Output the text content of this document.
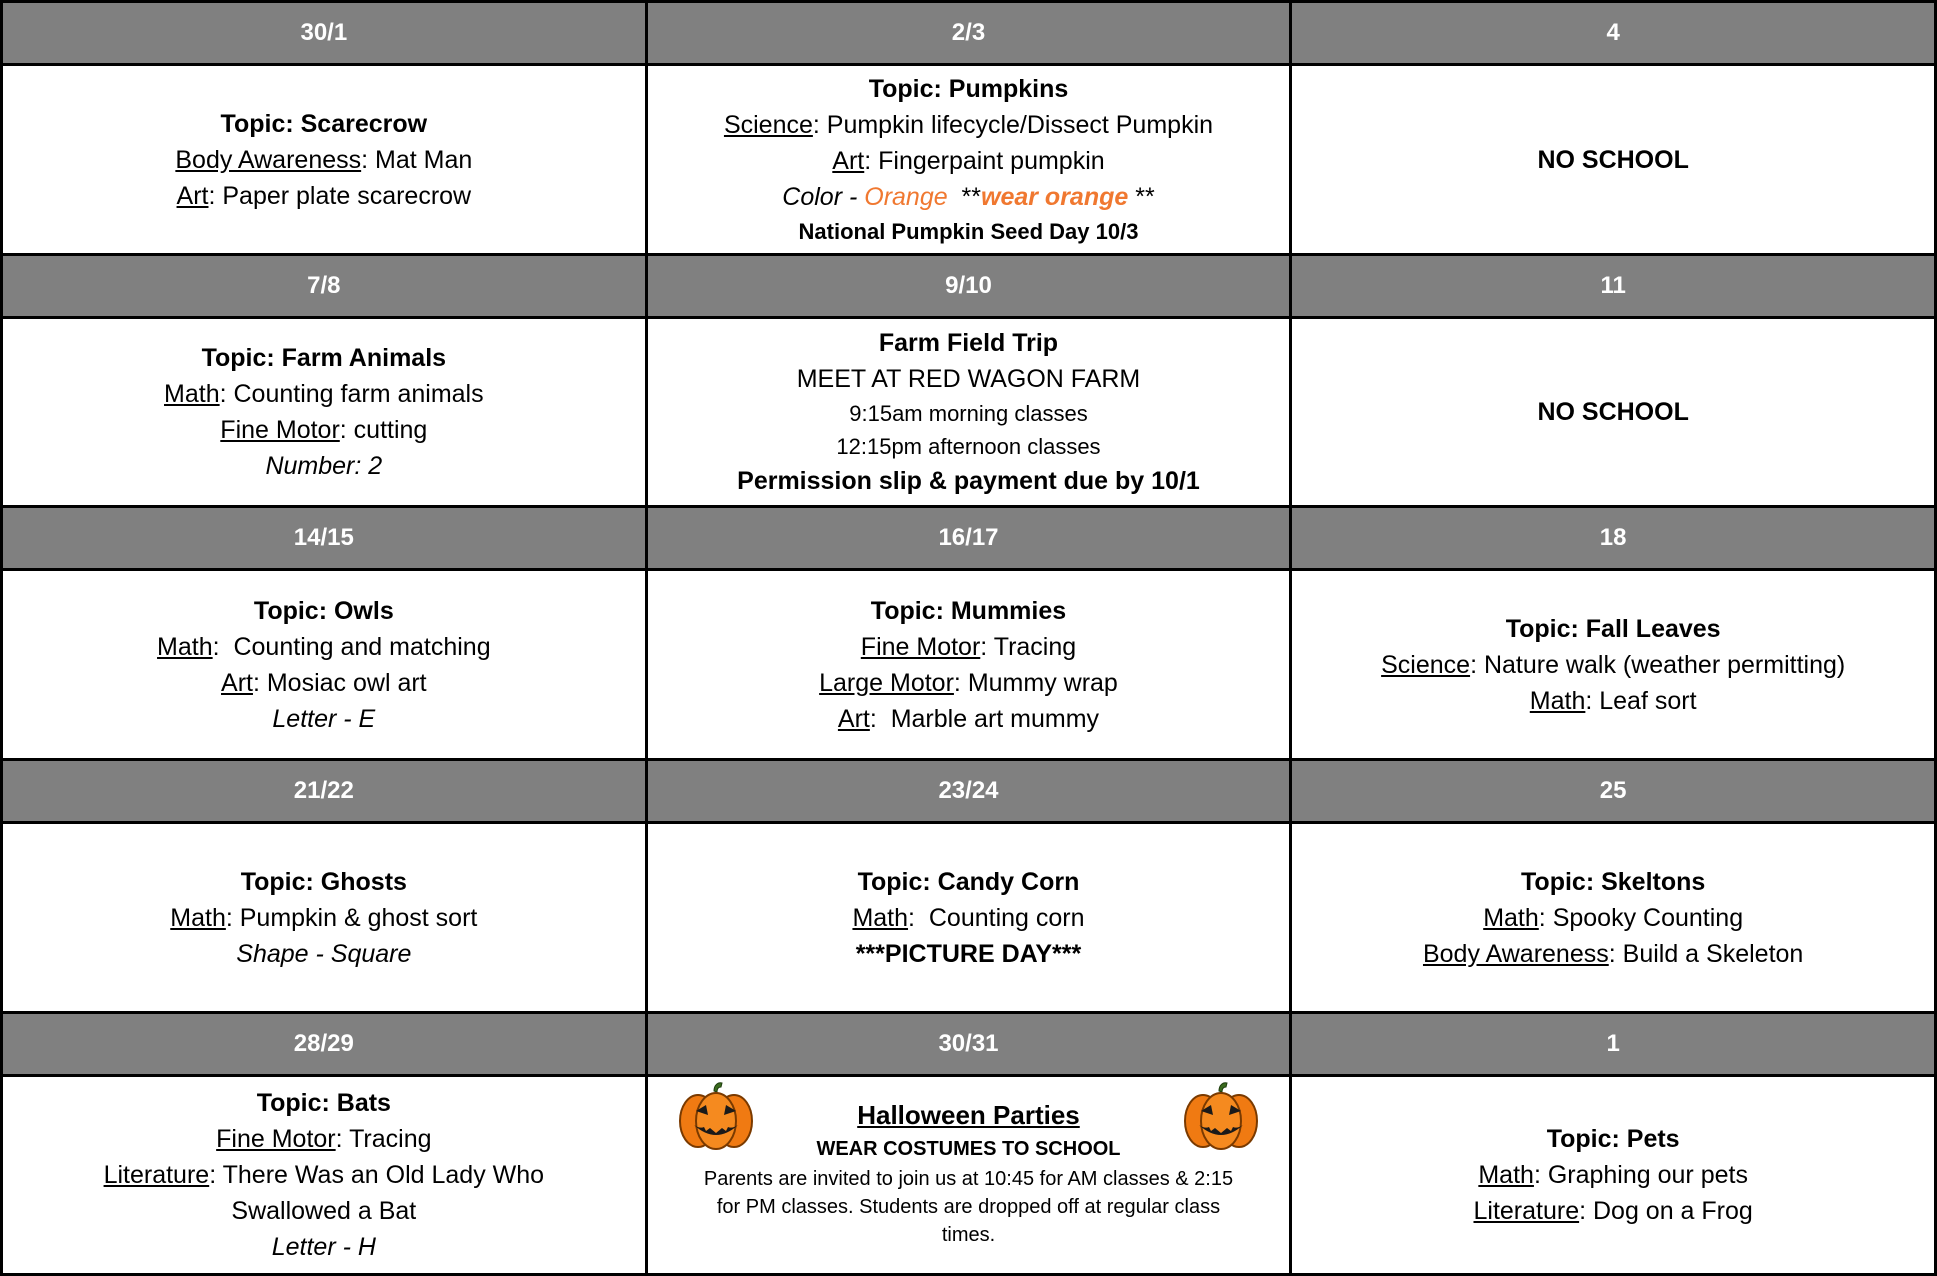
30/1	2/3	4

Topic: Scarecrow
Body Awareness: Mat Man
Art: Paper plate scarecrow	Topic: Pumpkins
Science: Pumpkin lifecycle/Dissect Pumpkin
Art: Fingerpaint pumpkin
Color - Orange  **wear orange **
National Pumpkin Seed Day 10/3	NO SCHOOL

7/8	9/10	11

Topic: Farm Animals
Math: Counting farm animals
Fine Motor: cutting
Number: 2	Farm Field Trip
MEET AT RED WAGON FARM
9:15am morning classes
12:15pm afternoon classes
Permission slip & payment due by 10/1	NO SCHOOL

14/15	16/17	18

Topic: Owls
Math:  Counting and matching
Art: Mosiac owl art
Letter - E	Topic: Mummies
Fine Motor: Tracing
Large Motor: Mummy wrap
Art:  Marble art mummy	Topic: Fall Leaves
Science: Nature walk (weather permitting)
Math: Leaf sort

21/22	23/24	25

Topic: Ghosts
Math: Pumpkin & ghost sort
Shape - Square	Topic: Candy Corn
Math:  Counting corn
***PICTURE DAY***	Topic: Skeltons
Math: Spooky Counting
Body Awareness: Build a Skeleton

28/29	30/31	1

Topic: Bats
Fine Motor: Tracing
Literature: There Was an Old Lady Who
Swallowed a Bat
Letter - H	Halloween Parties
WEAR COSTUMES TO SCHOOL
Parents are invited to join us at 10:45 for AM classes & 2:15
for PM classes. Students are dropped off at regular class
times.	Topic: Pets
Math: Graphing our pets
Literature: Dog on a Frog
